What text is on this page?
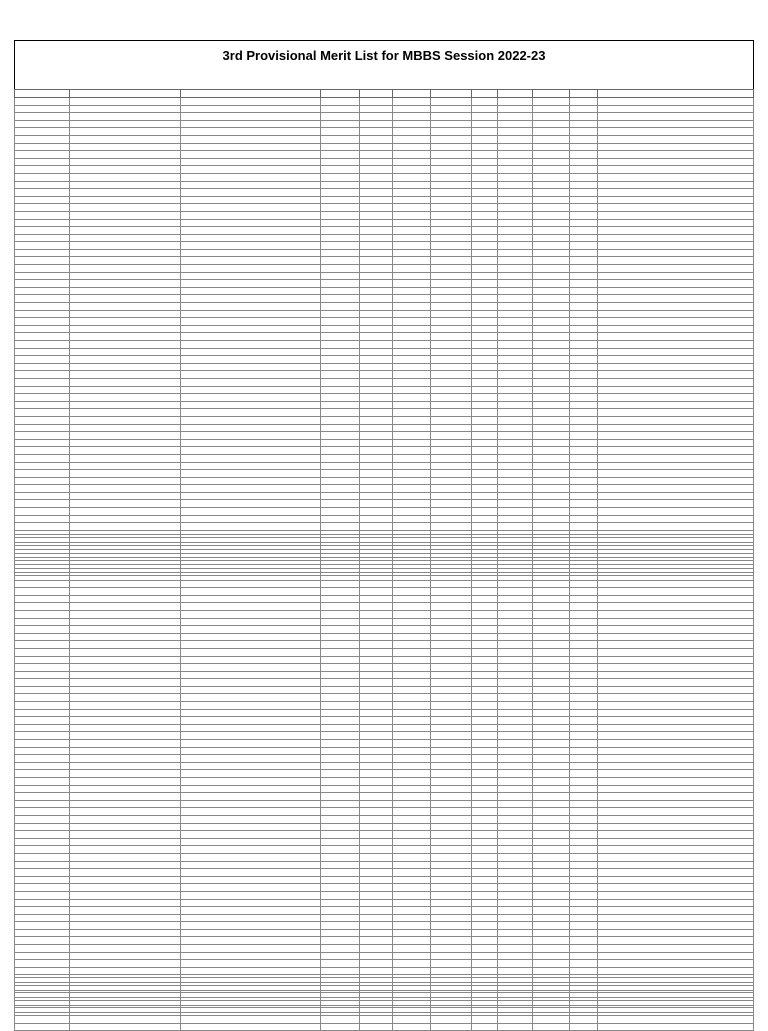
3rd Provisional Merit List for MBBS Session 2022-23
